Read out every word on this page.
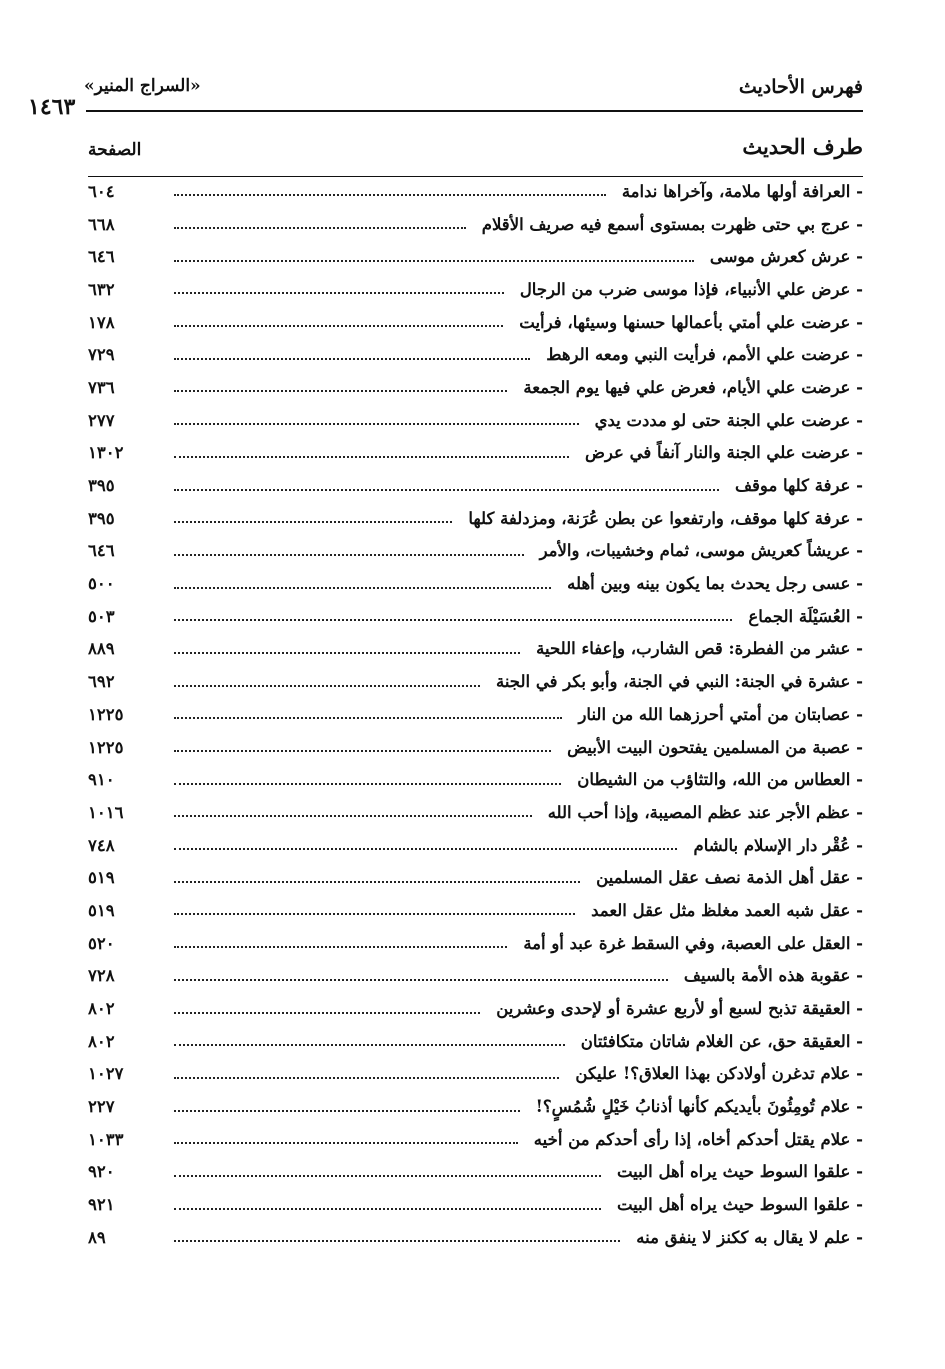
فهرس الأحاديث
«السراج المنير»
١٤٦٣
طرف الحديث
الصفحة
- العرافة أولها ملامة، وآخراها ندامة
٦٠٤
- عرج بي حتى ظهرت بمستوى أسمع فيه صريف الأقلام
٦٦٨
- عرش كعرش موسى
٦٤٦
- عرض علي الأنبياء، فإذا موسى ضرب من الرجال
٦٣٢
- عرضت علي أمتي بأعمالها حسنها وسيئها، فرأيت
١٧٨
- عرضت علي الأمم، فرأيت النبي ومعه الرهط
٧٢٩
- عرضت علي الأيام، فعرض علي فيها يوم الجمعة
٧٣٦
- عرضت علي الجنة حتى لو مددت يدي
٢٧٧
- عرضت علي الجنة والنار آنفاً في عرض
١٣٠٢
- عرفة كلها موقف
٣٩٥
- عرفة كلها موقف، وارتفعوا عن بطن عُرَنة، ومزدلفة كلها
٣٩٥
- عريشاً كعريش موسى، ثمام وخشيبات، والأمر
٦٤٦
- عسى رجل يحدث بما يكون بينه وبين أهله
٥٠٠
- العُسَيْلَة الجماع
٥٠٣
- عشر من الفطرة: قص الشارب، وإعفاء اللحية
٨٨٩
- عشرة في الجنة: النبي في الجنة، وأبو بكر في الجنة
٦٩٢
- عصابتان من أمتي أحرزهما الله من النار
١٢٢٥
- عصبة من المسلمين يفتحون البيت الأبيض
١٢٢٥
- العطاس من الله، والتثاؤب من الشيطان
٩١٠
- عظم الأجر عند عظم المصيبة، وإذا أحب الله
١٠١٦
- عُقْر دار الإسلام بالشام
٧٤٨
- عقل أهل الذمة نصف عقل المسلمين
٥١٩
- عقل شبه العمد مغلظ مثل عقل العمد
٥١٩
- العقل على العصبة، وفي السقط غرة عبد أو أمة
٥٢٠
- عقوبة هذه الأمة بالسيف
٧٢٨
- العقيقة تذبح لسبع أو لأربع عشرة أو لإحدى وعشرين
٨٠٢
- العقيقة حق، عن الغلام شاتان متكافئتان
٨٠٢
- علام تدغرن أولادكن بهذا العلاق؟! عليكن
١٠٢٧
- علام تُومِئُونَ بأيديكم كأنها أذنابُ خَيْلٍ شُمُسٍ؟!
٢٢٧
- علام يقتل أحدكم أخاه، إذا رأى أحدكم من أخيه
١٠٣٣
- علقوا السوط حيث يراه أهل البيت
٩٢٠
- علقوا السوط حيث يراه أهل البيت
٩٢١
- علم لا يقال به ككنز لا ينفق منه
٨٩
